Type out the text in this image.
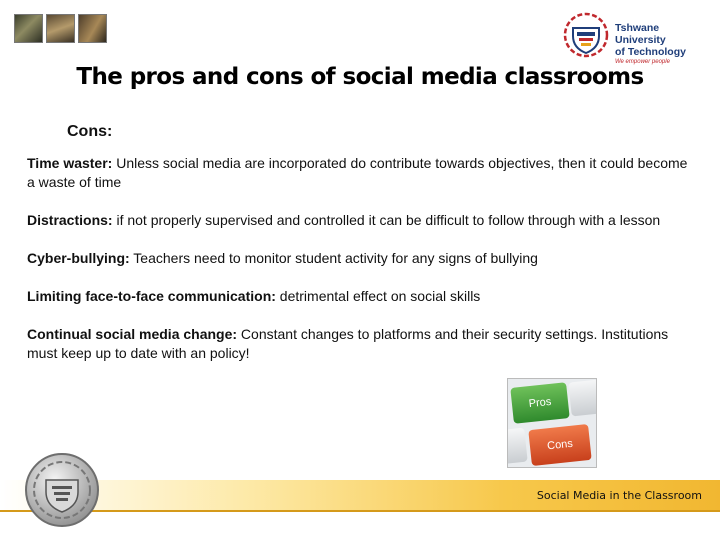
Tshwane University
of Technology
We empower people
The pros and cons of social media classrooms
Cons:

Time waster: Unless social media are incorporated do contribute towards objectives, then it could become a waste of time

Distractions: if not properly supervised and controlled it can be difficult to follow through with a lesson

Cyber-bullying: Teachers need to monitor student activity for any signs of bullying

Limiting face-to-face communication: detrimental effect on social skills

Continual social media change: Constant changes to platforms and their security settings. Institutions must keep up to date with an policy!

Pros
Cons
Social Media in the Classroom
